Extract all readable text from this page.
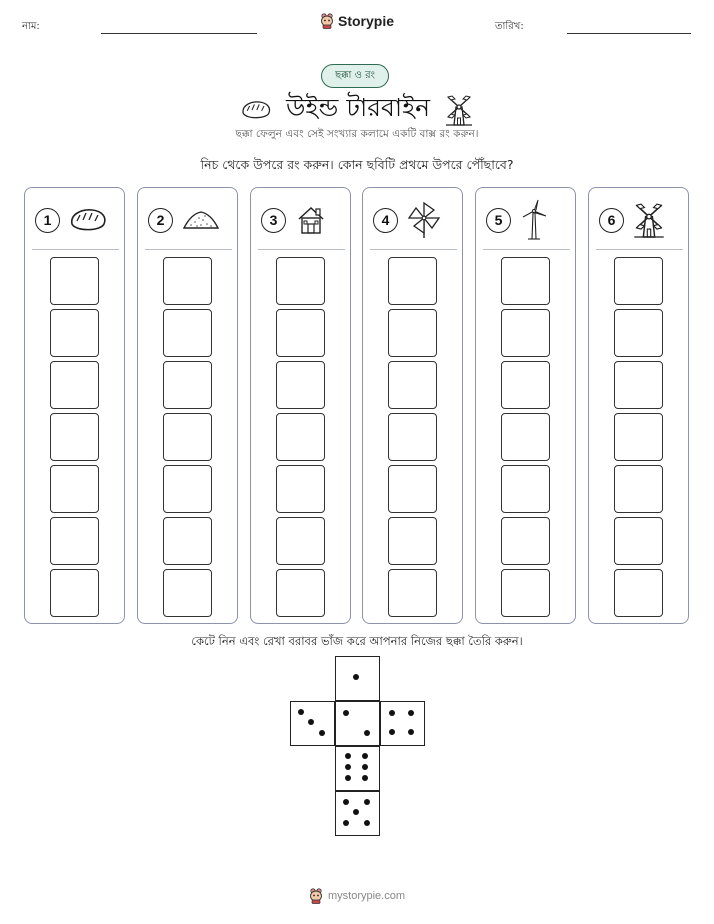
নাম:	Storypie	তারিখ:
ছক্কা ও রং
উইন্ড টারবাইন
ছক্কা ফেলুন এবং সেই সংখ্যার কলামে একটি বাক্স রং করুন।
নিচ থেকে উপরে রং করুন। কোন ছবিটি প্রথমে উপরে পৌঁছাবে?
1	2	3	4	5	6
কেটে নিন এবং রেখা বরাবর ভাঁজ করে আপনার নিজের ছক্কা তৈরি করুন।
mystorypie.com
